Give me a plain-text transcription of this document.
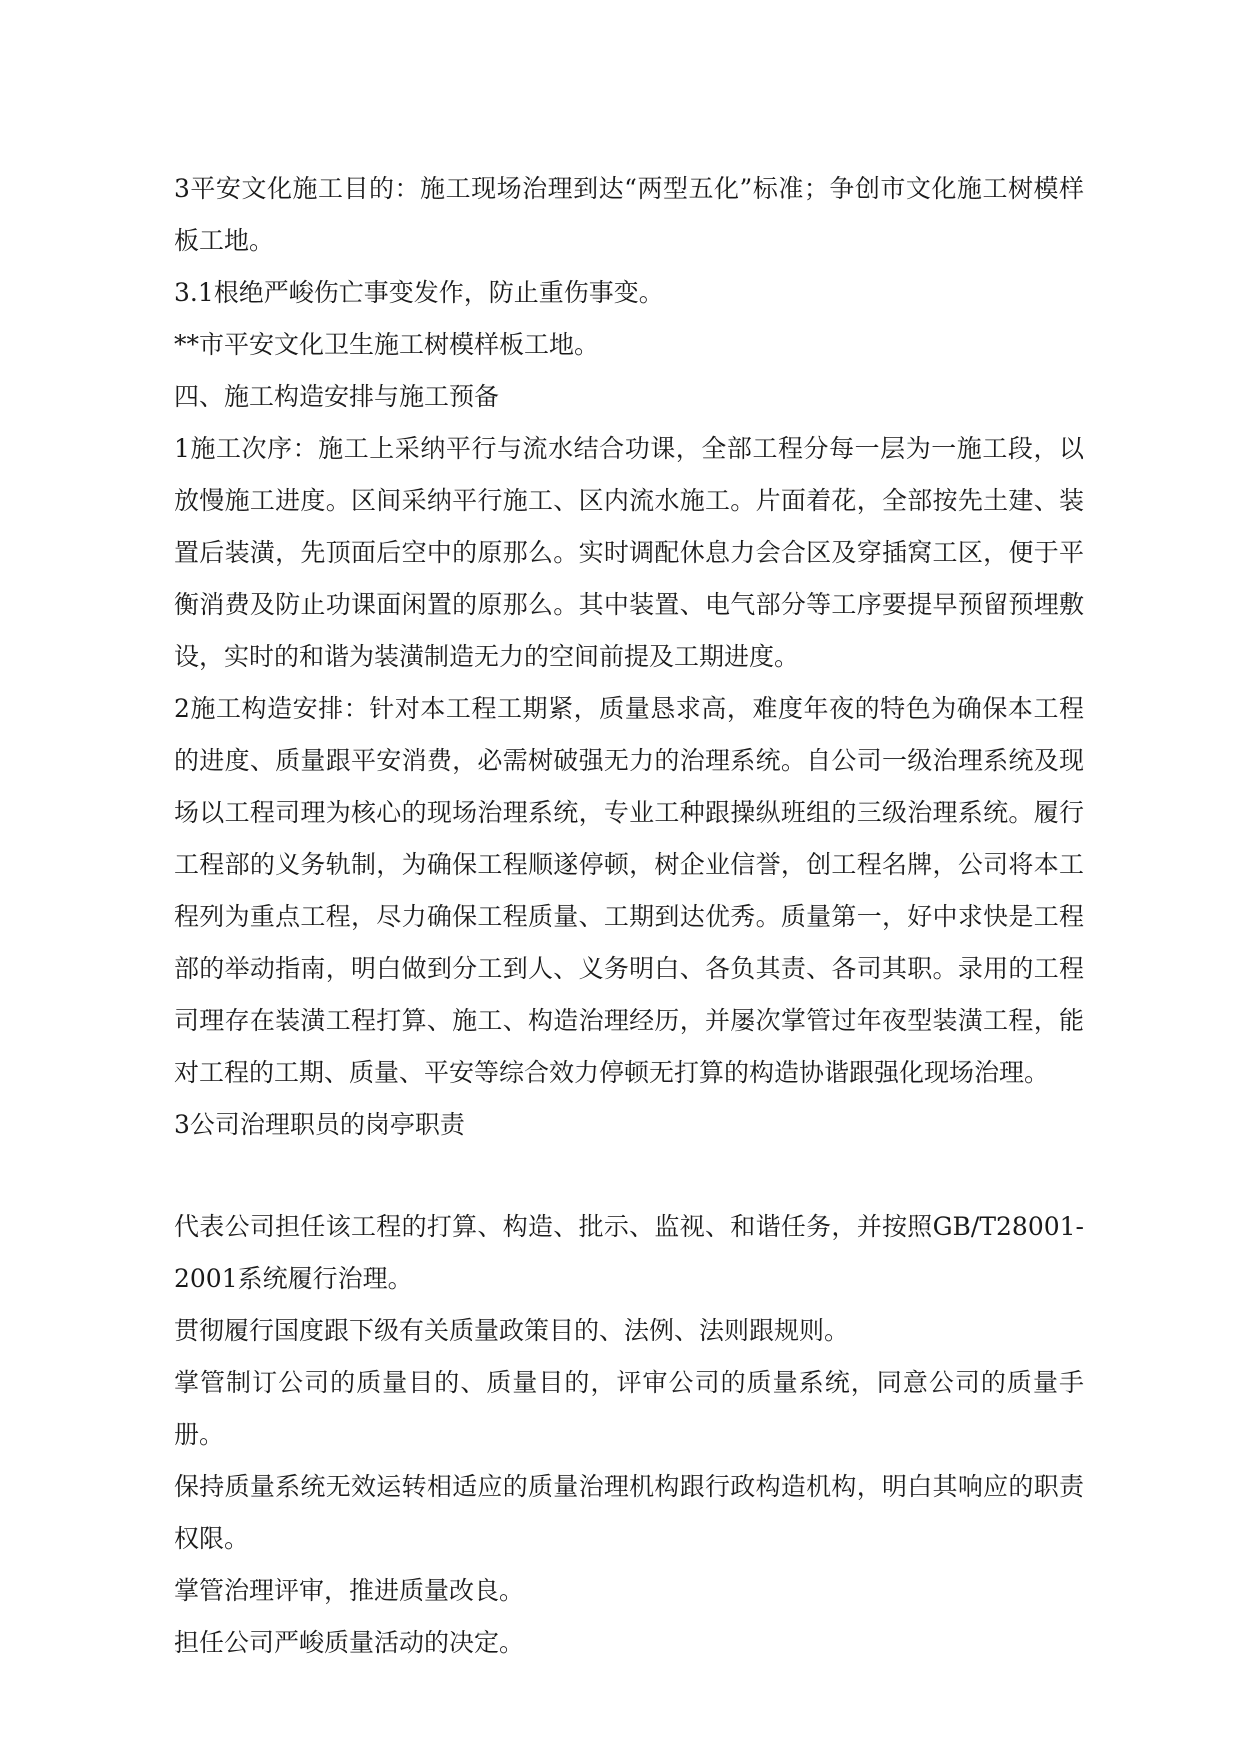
3平安文化施工目的：施工现场治理到达“两型五化”标准；争创市文化施工树模样板工地。

3.1根绝严峻伤亡事变发作，防止重伤事变。

**市平安文化卫生施工树模样板工地。

四、施工构造安排与施工预备

1施工次序：施工上采纳平行与流水结合功课，全部工程分每一层为一施工段，以放慢施工进度。区间采纳平行施工、区内流水施工。片面着花，全部按先土建、装置后装潢，先顶面后空中的原那么。实时调配休息力会合区及穿插窝工区，便于平衡消费及防止功课面闲置的原那么。其中装置、电气部分等工序要提早预留预埋敷设，实时的和谐为装潢制造无力的空间前提及工期进度。

2施工构造安排：针对本工程工期紧，质量恳求高，难度年夜的特色为确保本工程的进度、质量跟平安消费，必需树破强无力的治理系统。自公司一级治理系统及现场以工程司理为核心的现场治理系统，专业工种跟操纵班组的三级治理系统。履行工程部的义务轨制，为确保工程顺遂停顿，树企业信誉，创工程名牌，公司将本工程列为重点工程，尽力确保工程质量、工期到达优秀。质量第一，好中求快是工程部的举动指南，明白做到分工到人、义务明白、各负其责、各司其职。录用的工程司理存在装潢工程打算、施工、构造治理经历，并屡次掌管过年夜型装潢工程，能对工程的工期、质量、平安等综合效力停顿无打算的构造协谐跟强化现场治理。

3公司治理职员的岗亭职责

代表公司担任该工程的打算、构造、批示、监视、和谐任务，并按照GB/T28001-2001系统履行治理。

贯彻履行国度跟下级有关质量政策目的、法例、法则跟规则。

掌管制订公司的质量目的、质量目的，评审公司的质量系统，同意公司的质量手册。

保持质量系统无效运转相适应的质量治理机构跟行政构造机构，明白其响应的职责权限。

掌管治理评审，推进质量改良。

担任公司严峻质量活动的决定。
